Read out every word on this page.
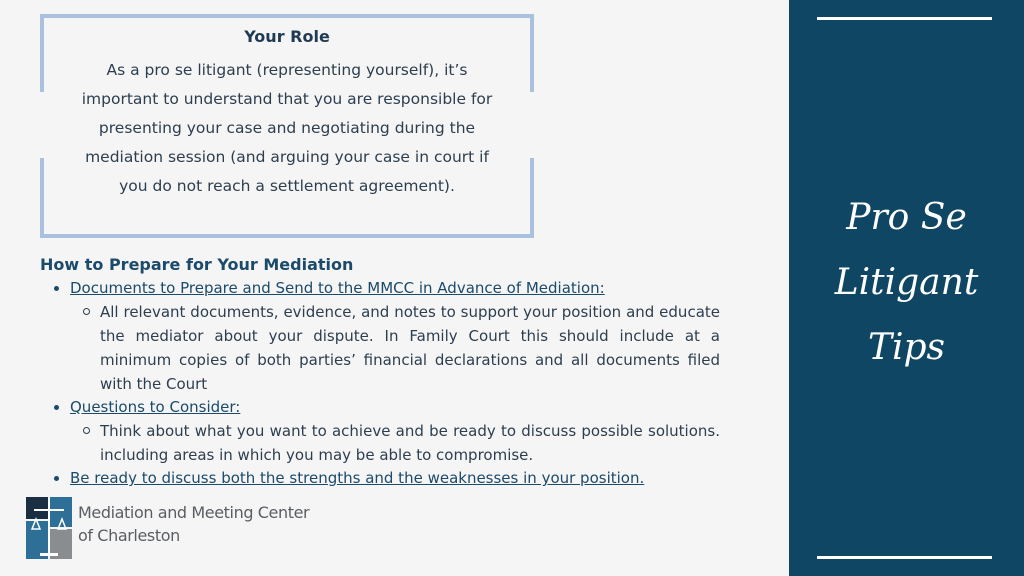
Your Role
As a pro se litigant (representing yourself), it’s important to understand that you are responsible for presenting your case and negotiating during the mediation session (and arguing your case in court if you do not reach a settlement agreement).
How to Prepare for Your Mediation
Documents to Prepare and Send to the MMCC in Advance of Mediation:
All relevant documents, evidence, and notes to support your position and educate the mediator about your dispute. In Family Court this should include at a minimum copies of both parties’ financial declarations and all documents filed with the Court
Questions to Consider:
Think about what you want to achieve and be ready to discuss possible solutions. including areas in which you may be able to compromise.
Be ready to discuss both the strengths and the weaknesses in your position.
Mediation and Meeting Center
of Charleston
Pro Se
Litigant
Tips
